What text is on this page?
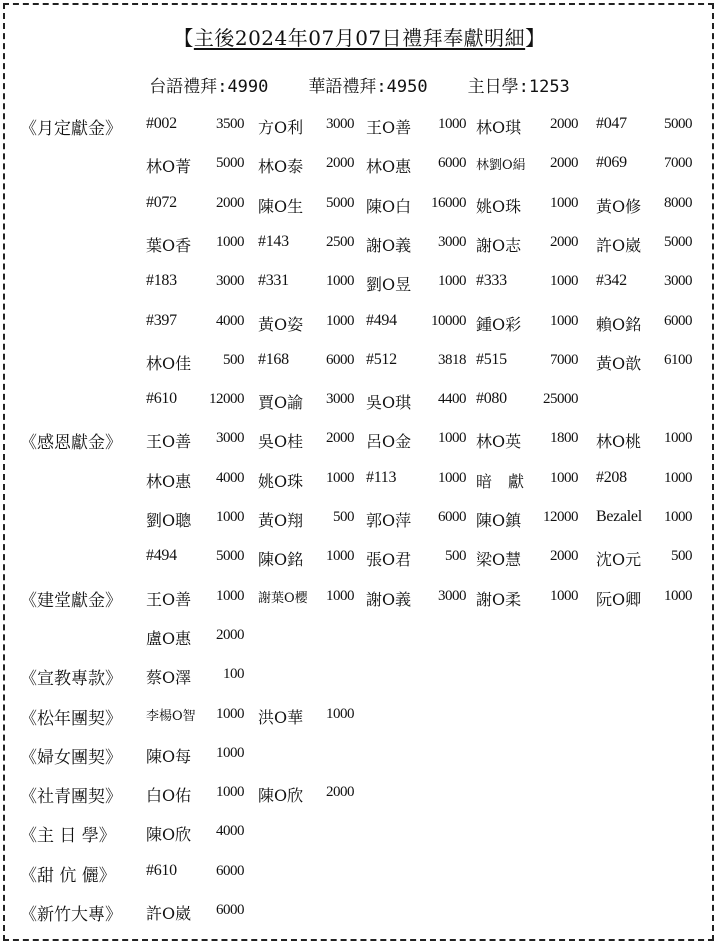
【主後2024年07月07日禮拜奉獻明細】
台語禮拜:4990 華語禮拜:4950 主日學:1253
《月定獻金》 #002	3500 方O利	3000 王O善	1000 林O琪	2000 #047	5000
林O菁	5000 林O泰	2000 林O惠	6000 林劉O絹	2000 #069	7000
#072	2000 陳O生	5000 陳O白	16000 姚O珠	1000 黃O修	8000
葉O香	1000 #143	2500 謝O義	3000 謝O志	2000 許O崴	5000
#183	3000 #331	1000 劉O昱	1000 #333	1000 #342	3000
#397	4000 黃O姿	1000 #494	10000 鍾O彩	1000 賴O銘	6000
林O佳	500 #168	6000 #512	3818 #515	7000 黃O歆	6100
#610	12000 賈O諭	3000 吳O琪	4400 #080	25000
《感恩獻金》 王O善	3000 吳O桂	2000 呂O金	1000 林O英	1800 林O桃	1000
林O惠	4000 姚O珠	1000 #113	1000 暗　獻	1000 #208	1000
劉O聰	1000 黃O翔	500 郭O萍	6000 陳O鎮	12000 Bezalel	1000
#494	5000 陳O銘	1000 張O君	500 梁O慧	2000 沈O元	500
《建堂獻金》 王O善	1000 謝葉O櫻	1000 謝O義	3000 謝O柔	1000 阮O卿	1000
盧O惠	2000
《宣教專款》 蔡O澤	100
《松年團契》 李楊O智	1000 洪O華	1000
《婦女團契》 陳O每	1000
《社青團契》 白O佑	1000 陳O欣	2000
《主 日 學》 陳O欣	4000
《甜 伉 儷》 #610	6000
《新竹大專》 許O崴	6000
